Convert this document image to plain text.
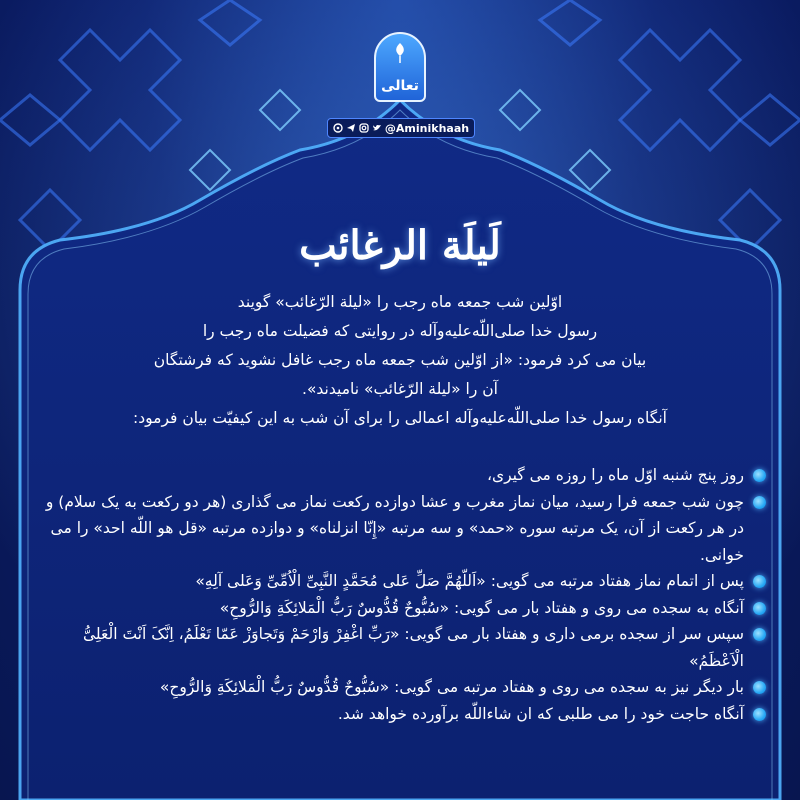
تعالی
@Aminikhaah
لَیلَة الرغائب

اوّلین شب جمعه ماه رجب را «لیلة الرّغائب» گویند

رسول خدا صلی‌اللّه‌علیه‌وآله در روایتی که فضیلت ماه رجب را

بیان می کرد فرمود: «از اوّلین شب جمعه ماه رجب غافل نشوید که فرشتگان

آن را «لیلة الرّغائب» نامیدند».

آنگاه رسول خدا صلی‌اللّه‌علیه‌وآله اعمالی را برای آن شب به این کیفیّت بیان فرمود:

روز پنج شنبه اوّل ماه را روزه می گیری،
چون شب جمعه فرا رسید، میان نماز مغرب و عشا دوازده رکعت نماز می گذاری (هر دو رکعت به یک سلام) و در هر رکعت از آن، یک مرتبه سوره «حمد» و سه مرتبه «إِنّا انزلناه» و دوازده مرتبه «قل هو اللّه احد» را می خوانی.
پس از اتمام نماز هفتاد مرتبه می گویی: «اَللّهُمَّ صَلِّ عَلی مُحَمَّدٍ النَّبِیِّ الْاُمِّیِّ وَعَلی آلِهِ»
آنگاه به سجده می روی و هفتاد بار می گویی: «سُبُّوحٌ قُدُّوسٌ رَبُّ الْمَلائِکَةِ وَالرُّوحِ»
سپس سر از سجده برمی داری و هفتاد بار می گویی: «رَبِّ اغْفِرْ وَارْحَمْ وَتَجاوَزْ عَمّا تَعْلَمُ، اِنَّکَ اَنْتَ الْعَلِیُّ الْاَعْظَمُ»
بار دیگر نیز به سجده می روی و هفتاد مرتبه می گویی: «سُبُّوحٌ قُدُّوسٌ رَبُّ الْمَلائِکَةِ وَالرُّوحِ»
آنگاه حاجت خود را می طلبی که ان شاءاللّه برآورده خواهد شد.
